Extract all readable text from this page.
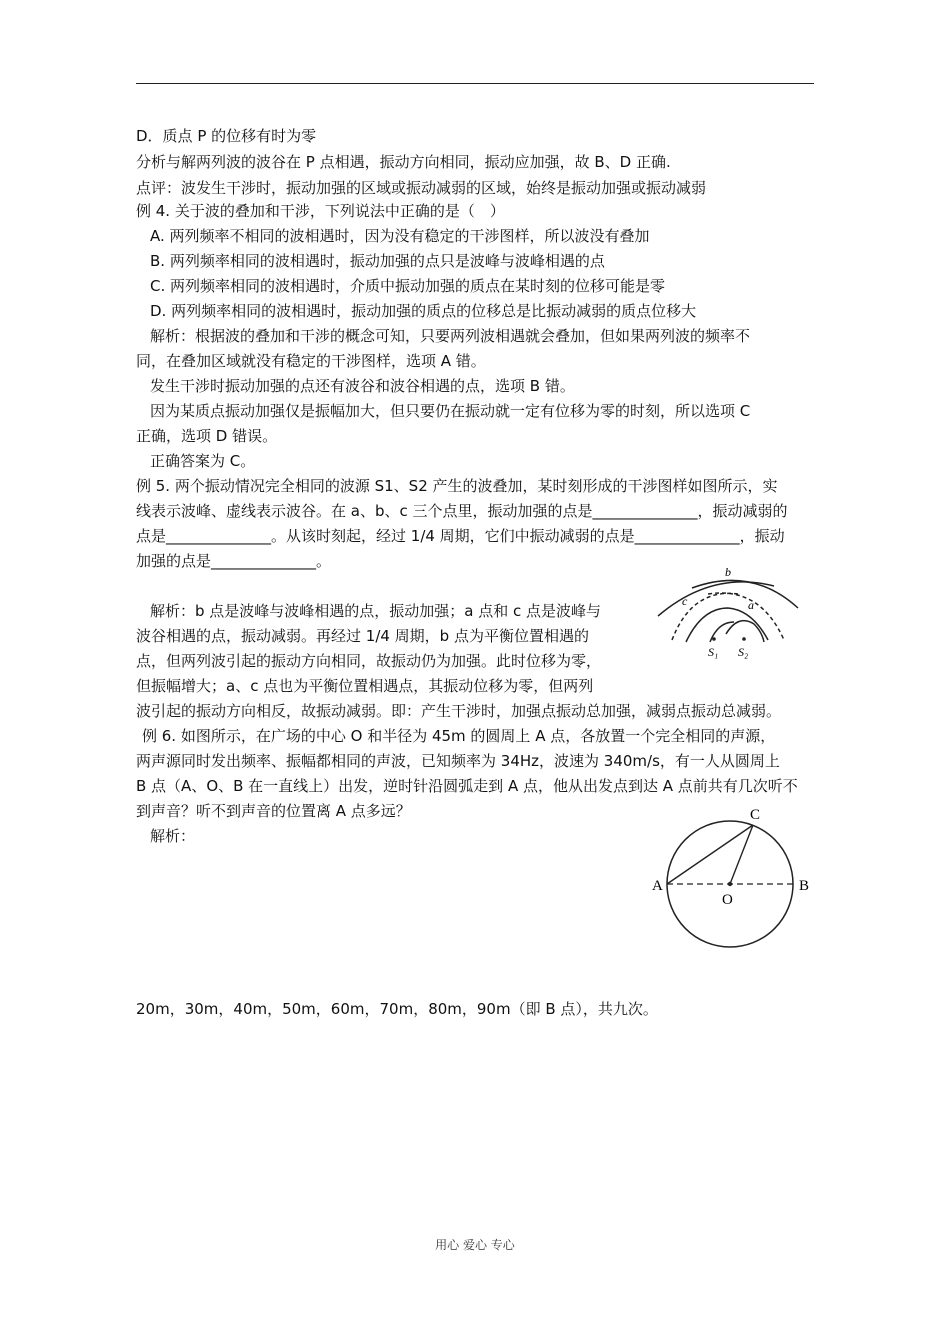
D．质点 P 的位移有时为零
分析与解两列波的波谷在 P 点相遇，振动方向相同，振动应加强，故 B、D 正确.
点评：波发生干涉时，振动加强的区域或振动减弱的区域，始终是振动加强或振动减弱
例 4. 关于波的叠加和干涉，下列说法中正确的是（　）
A. 两列频率不相同的波相遇时，因为没有稳定的干涉图样，所以波没有叠加
B. 两列频率相同的波相遇时，振动加强的点只是波峰与波峰相遇的点
C. 两列频率相同的波相遇时，介质中振动加强的质点在某时刻的位移可能是零
D. 两列频率相同的波相遇时，振动加强的质点的位移总是比振动减弱的质点位移大
解析：根据波的叠加和干涉的概念可知，只要两列波相遇就会叠加，但如果两列波的频率不
同，在叠加区域就没有稳定的干涉图样，选项 A 错。
发生干涉时振动加强的点还有波谷和波谷相遇的点，选项 B 错。
因为某质点振动加强仅是振幅加大，但只要仍在振动就一定有位移为零的时刻，所以选项 C
正确，选项 D 错误。
正确答案为 C。
例 5. 两个振动情况完全相同的波源 S1、S2 产生的波叠加，某时刻形成的干涉图样如图所示，实
线表示波峰、虚线表示波谷。在 a、b、c 三个点里，振动加强的点是______________，振动减弱的
点是______________。从该时刻起，经过 1/4 周期，它们中振动减弱的点是______________，振动
加强的点是______________。
解析：b 点是波峰与波峰相遇的点，振动加强；a 点和 c 点是波峰与
波谷相遇的点，振动减弱。再经过 1/4 周期，b 点为平衡位置相遇的
点，但两列波引起的振动方向相同，故振动仍为加强。此时位移为零，
但振幅增大；a、c 点也为平衡位置相遇点，其振动位移为零，但两列
波引起的振动方向相反，故振动减弱。即：产生干涉时，加强点振动总加强，减弱点振动总减弱。
例 6. 如图所示，在广场的中心 O 和半径为 45m 的圆周上 A 点，各放置一个完全相同的声源，
两声源同时发出频率、振幅都相同的声波，已知频率为 34Hz，波速为 340m/s，有一人从圆周上
B 点（A、O、B 在一直线上）出发，逆时针沿圆弧走到 A 点，他从出发点到达 A 点前共有几次听不
到声音？听不到声音的位置离 A 点多远？
解析：
20m，30m，40m，50m，60m，70m，80m，90m（即 B 点），共九次。
b
c	a
S₁ S₂
A	B
C
O
用心 爱心 专心
